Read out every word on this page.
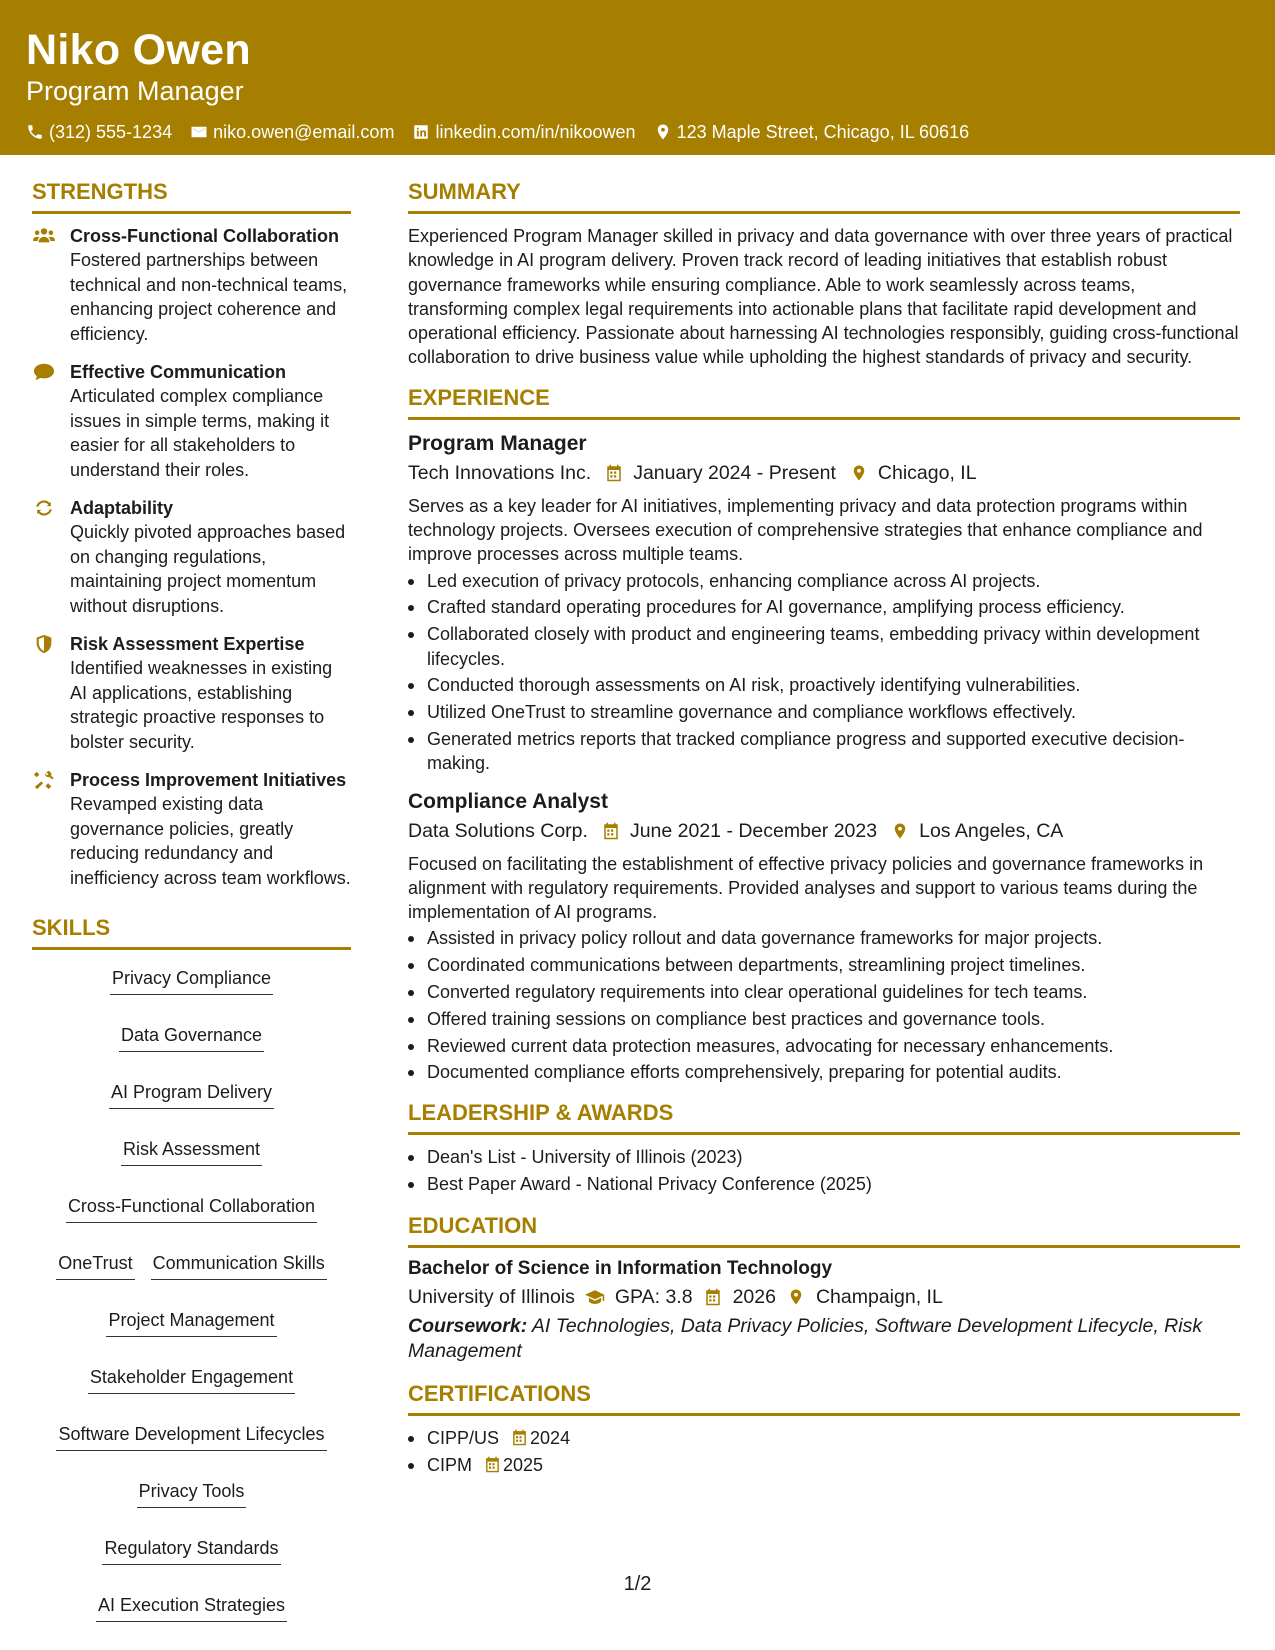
Niko Owen
Program Manager
(312) 555-1234 niko.owen@email.com linkedin.com/in/nikoowen 123 Maple Street, Chicago, IL 60616
STRENGTHS
Cross-Functional Collaboration
Fostered partnerships between technical and non-technical teams, enhancing project coherence and efficiency.
Effective Communication
Articulated complex compliance issues in simple terms, making it easier for all stakeholders to understand their roles.
Adaptability
Quickly pivoted approaches based on changing regulations, maintaining project momentum without disruptions.
Risk Assessment Expertise
Identified weaknesses in existing AI applications, establishing strategic proactive responses to bolster security.
Process Improvement Initiatives
Revamped existing data governance policies, greatly reducing redundancy and inefficiency across team workflows.
SKILLS
Privacy Compliance
Data Governance
AI Program Delivery
Risk Assessment
Cross-Functional Collaboration
OneTrust Communication Skills
Project Management
Stakeholder Engagement
Software Development Lifecycles
Privacy Tools
Regulatory Standards
AI Execution Strategies
SUMMARY
Experienced Program Manager skilled in privacy and data governance with over three years of practical knowledge in AI program delivery. Proven track record of leading initiatives that establish robust governance frameworks while ensuring compliance. Able to work seamlessly across teams, transforming complex legal requirements into actionable plans that facilitate rapid development and operational efficiency. Passionate about harnessing AI technologies responsibly, guiding cross-functional collaboration to drive business value while upholding the highest standards of privacy and security.
EXPERIENCE
Program Manager
Tech Innovations Inc. January 2024 - Present Chicago, IL
Serves as a key leader for AI initiatives, implementing privacy and data protection programs within technology projects. Oversees execution of comprehensive strategies that enhance compliance and improve processes across multiple teams.
Led execution of privacy protocols, enhancing compliance across AI projects.
Crafted standard operating procedures for AI governance, amplifying process efficiency.
Collaborated closely with product and engineering teams, embedding privacy within development lifecycles.
Conducted thorough assessments on AI risk, proactively identifying vulnerabilities.
Utilized OneTrust to streamline governance and compliance workflows effectively.
Generated metrics reports that tracked compliance progress and supported executive decision-making.
Compliance Analyst
Data Solutions Corp. June 2021 - December 2023 Los Angeles, CA
Focused on facilitating the establishment of effective privacy policies and governance frameworks in alignment with regulatory requirements. Provided analyses and support to various teams during the implementation of AI programs.
Assisted in privacy policy rollout and data governance frameworks for major projects.
Coordinated communications between departments, streamlining project timelines.
Converted regulatory requirements into clear operational guidelines for tech teams.
Offered training sessions on compliance best practices and governance tools.
Reviewed current data protection measures, advocating for necessary enhancements.
Documented compliance efforts comprehensively, preparing for potential audits.
LEADERSHIP & AWARDS
Dean's List - University of Illinois (2023)
Best Paper Award - National Privacy Conference (2025)
EDUCATION
Bachelor of Science in Information Technology
University of Illinois GPA: 3.8 2026 Champaign, IL
Coursework: AI Technologies, Data Privacy Policies, Software Development Lifecycle, Risk Management
CERTIFICATIONS
CIPP/US 2024
CIPM 2025
1/2
